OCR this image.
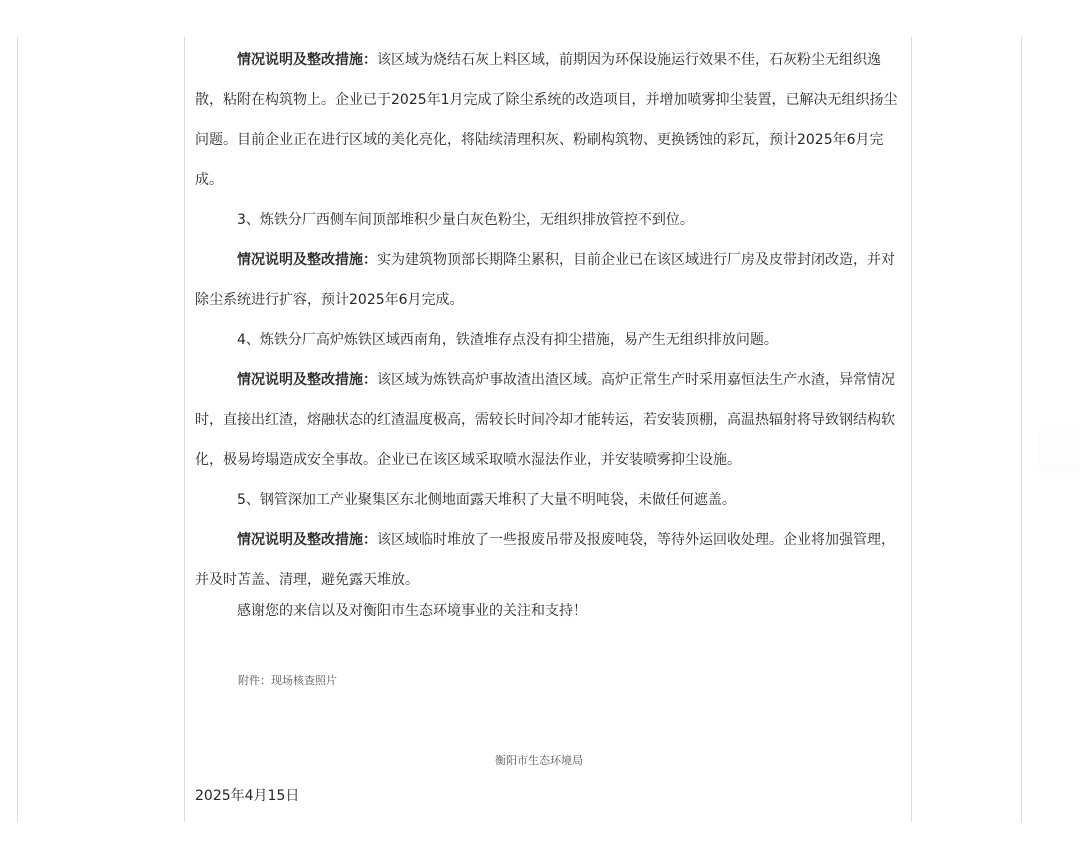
情况说明及整改措施：该区域为烧结石灰上料区域，前期因为环保设施运行效果不佳，石灰粉尘无组织逸散，粘附在构筑物上。企业已于2025年1月完成了除尘系统的改造项目，并增加喷雾抑尘装置，已解决无组织扬尘问题。目前企业正在进行区域的美化亮化，将陆续清理积灰、粉刷构筑物、更换锈蚀的彩瓦，预计2025年6月完成。

3、炼铁分厂西侧车间顶部堆积少量白灰色粉尘，无组织排放管控不到位。

情况说明及整改措施：实为建筑物顶部长期降尘累积，目前企业已在该区域进行厂房及皮带封闭改造，并对除尘系统进行扩容，预计2025年6月完成。

4、炼铁分厂高炉炼铁区域西南角，铁渣堆存点没有抑尘措施，易产生无组织排放问题。

情况说明及整改措施：该区域为炼铁高炉事故渣出渣区域。高炉正常生产时采用嘉恒法生产水渣，异常情况时，直接出红渣，熔融状态的红渣温度极高，需较长时间冷却才能转运，若安装顶棚，高温热辐射将导致钢结构软化，极易垮塌造成安全事故。企业已在该区域采取喷水湿法作业，并安装喷雾抑尘设施。

5、钢管深加工产业聚集区东北侧地面露天堆积了大量不明吨袋，未做任何遮盖。

情况说明及整改措施：该区域临时堆放了一些报废吊带及报废吨袋，等待外运回收处理。企业将加强管理，并及时苫盖、清理，避免露天堆放。

感谢您的来信以及对衡阳市生态环境事业的关注和支持！

附件：现场核查照片
衡阳市生态环境局
2025年4月15日
